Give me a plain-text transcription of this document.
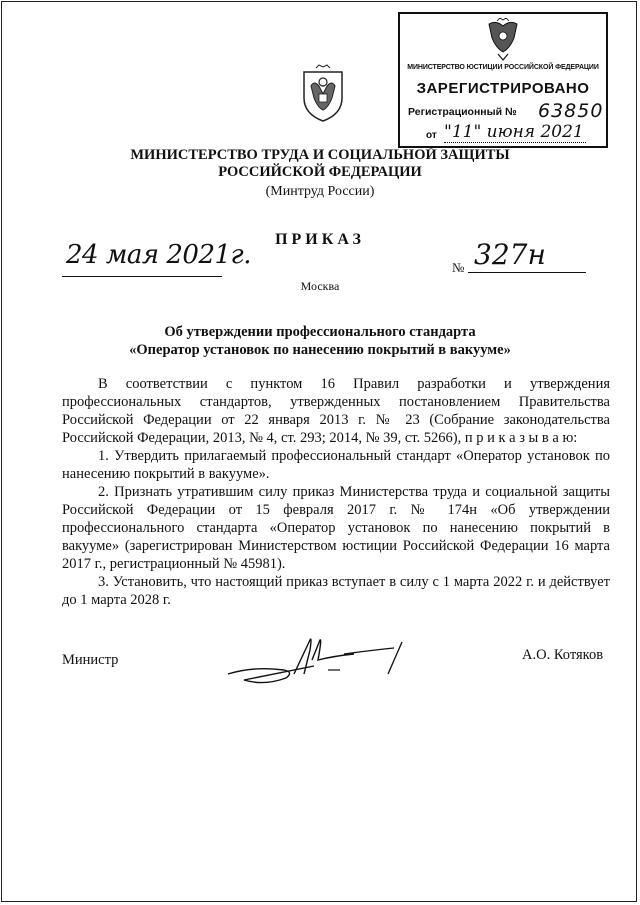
МИНИСТЕРСТВО ЮСТИЦИИ РОССИЙСКОЙ ФЕДЕРАЦИИ
ЗАРЕГИСТРИРОВАНО
Регистрационный № 63850
от "11" июня 2021
МИНИСТЕРСТВО ТРУДА И СОЦИАЛЬНОЙ ЗАЩИТЫ
РОССИЙСКОЙ ФЕДЕРАЦИИ
(Минтруд России)
ПРИКАЗ
24 мая 2021г.	№ 327н
Москва
Об утверждении профессионального стандарта
«Оператор установок по нанесению покрытий в вакууме»

В соответствии с пунктом 16 Правил разработки и утверждения профессиональных стандартов, утвержденных постановлением Правительства Российской Федерации от 22 января 2013 г. № 23 (Собрание законодательства Российской Федерации, 2013, № 4, ст. 293; 2014, № 39, ст. 5266), п р и к а з ы в а ю:

1. Утвердить прилагаемый профессиональный стандарт «Оператор установок по нанесению покрытий в вакууме».

2. Признать утратившим силу приказ Министерства труда и социальной защиты Российской Федерации от 15 февраля 2017 г. № 174н «Об утверждении профессионального стандарта «Оператор установок по нанесению покрытий в вакууме» (зарегистрирован Министерством юстиции Российской Федерации 16 марта 2017 г., регистрационный № 45981).

3. Установить, что настоящий приказ вступает в силу с 1 марта 2022 г. и действует до 1 марта 2028 г.

Министр	А.О. Котяков
